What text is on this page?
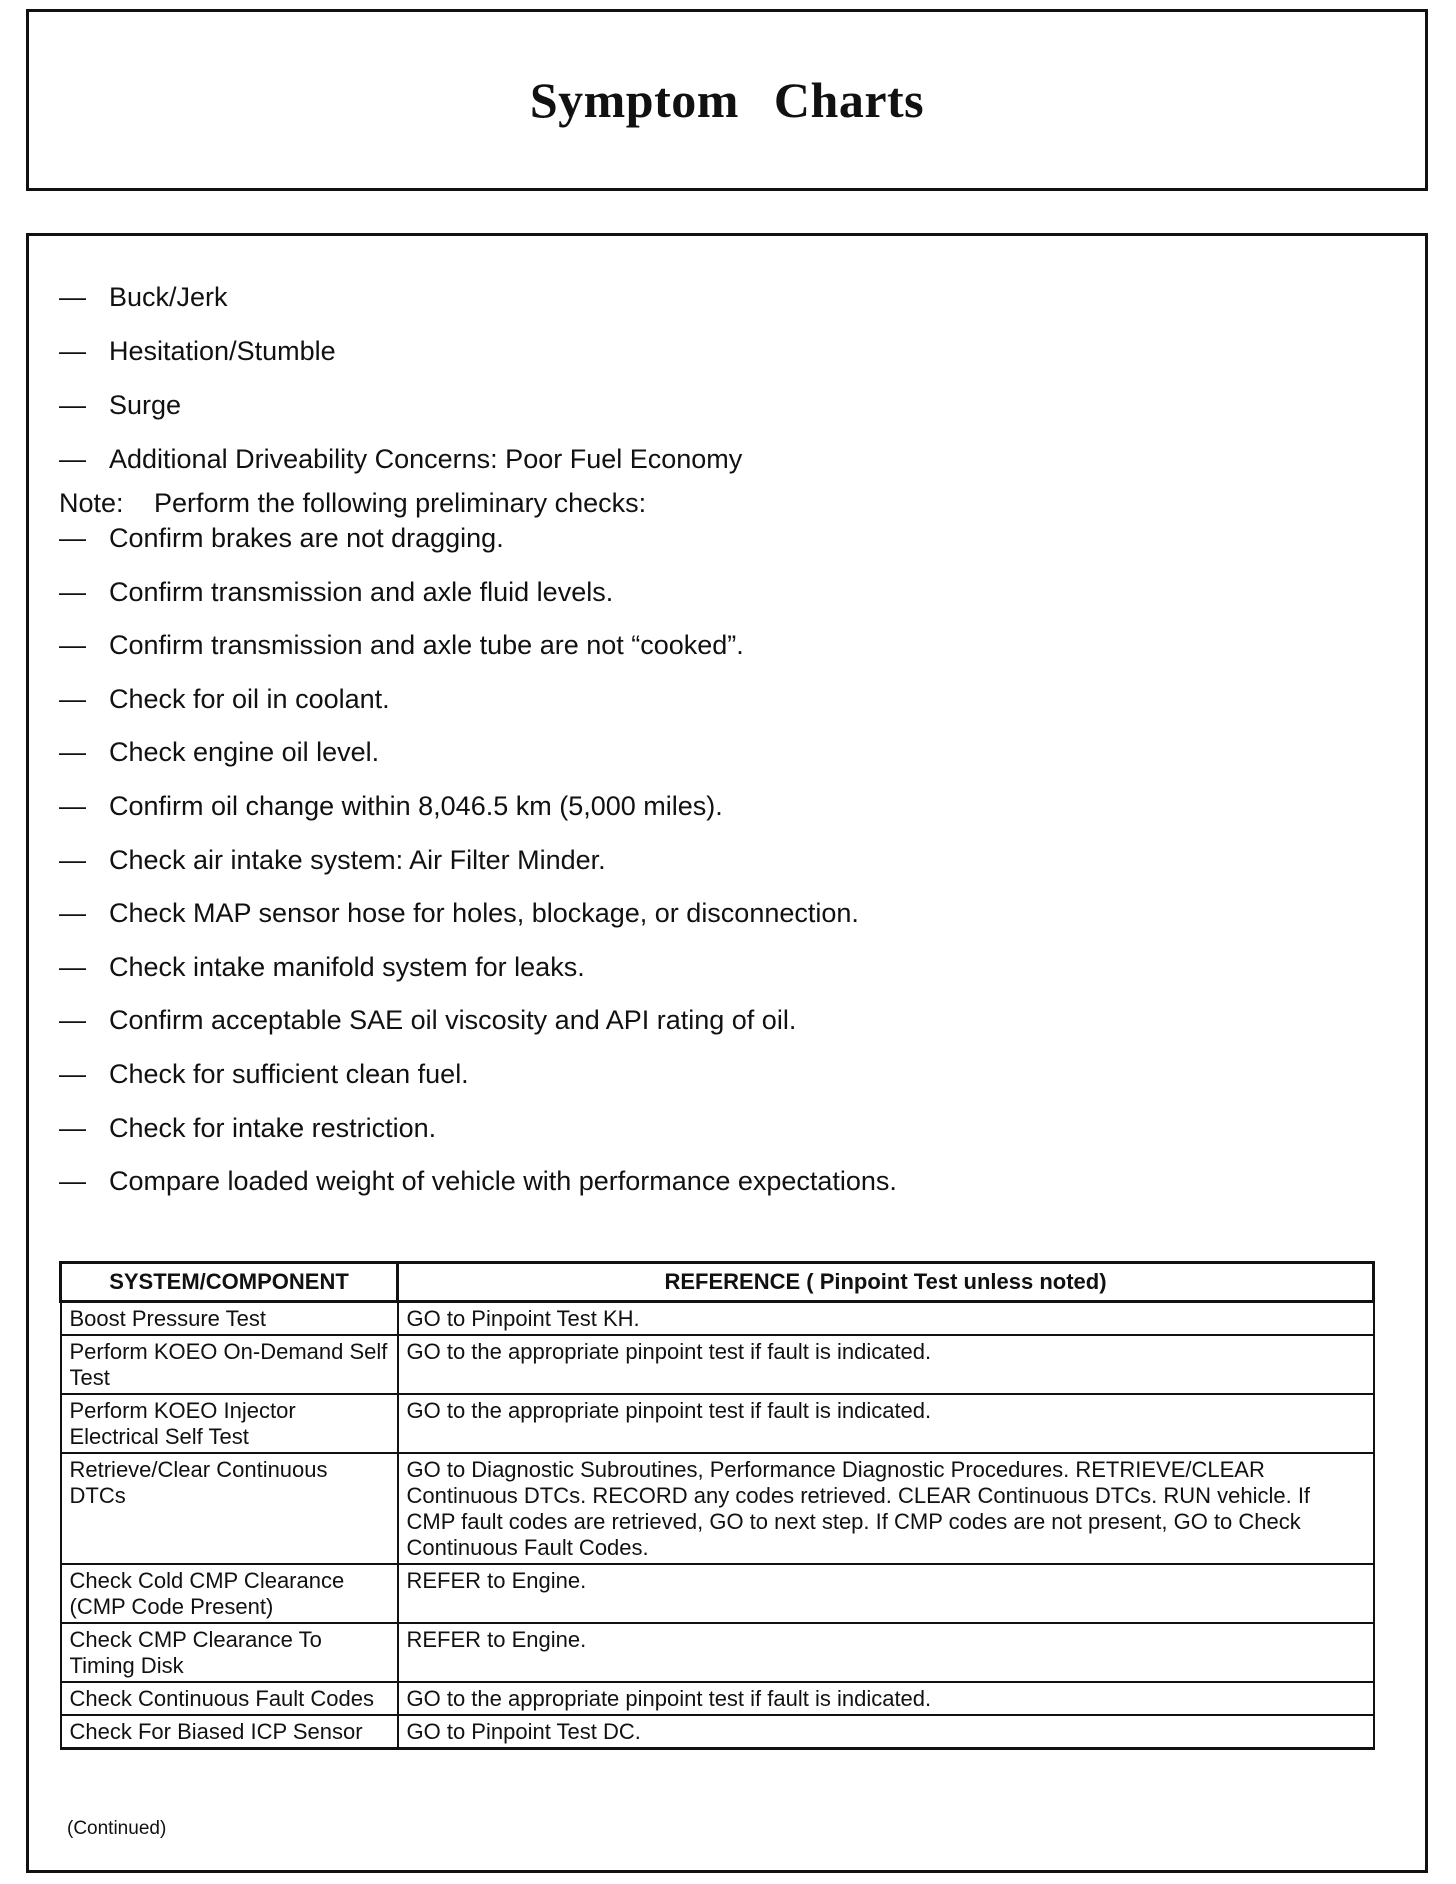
Symptom Charts
— Buck/Jerk
— Hesitation/Stumble
— Surge
— Additional Driveability Concerns: Poor Fuel Economy
Note: Perform the following preliminary checks:
— Confirm brakes are not dragging.
— Confirm transmission and axle fluid levels.
— Confirm transmission and axle tube are not “cooked”.
— Check for oil in coolant.
— Check engine oil level.
— Confirm oil change within 8,046.5 km (5,000 miles).
— Check air intake system: Air Filter Minder.
— Check MAP sensor hose for holes, blockage, or disconnection.
— Check intake manifold system for leaks.
— Confirm acceptable SAE oil viscosity and API rating of oil.
— Check for sufficient clean fuel.
— Check for intake restriction.
— Compare loaded weight of vehicle with performance expectations.
SYSTEM/COMPONENT	REFERENCE ( Pinpoint Test unless noted)
Boost Pressure Test	GO to Pinpoint Test KH.
Perform KOEO On-Demand Self Test	GO to the appropriate pinpoint test if fault is indicated.
Perform KOEO Injector Electrical Self Test	GO to the appropriate pinpoint test if fault is indicated.
Retrieve/Clear Continuous DTCs	GO to Diagnostic Subroutines, Performance Diagnostic Procedures. RETRIEVE/CLEAR Continuous DTCs. RECORD any codes retrieved. CLEAR Continuous DTCs. RUN vehicle. If CMP fault codes are retrieved, GO to next step. If CMP codes are not present, GO to Check Continuous Fault Codes.
Check Cold CMP Clearance (CMP Code Present)	REFER to Engine.
Check CMP Clearance To Timing Disk	REFER to Engine.
Check Continuous Fault Codes	GO to the appropriate pinpoint test if fault is indicated.
Check For Biased ICP Sensor	GO to Pinpoint Test DC.
(Continued)
